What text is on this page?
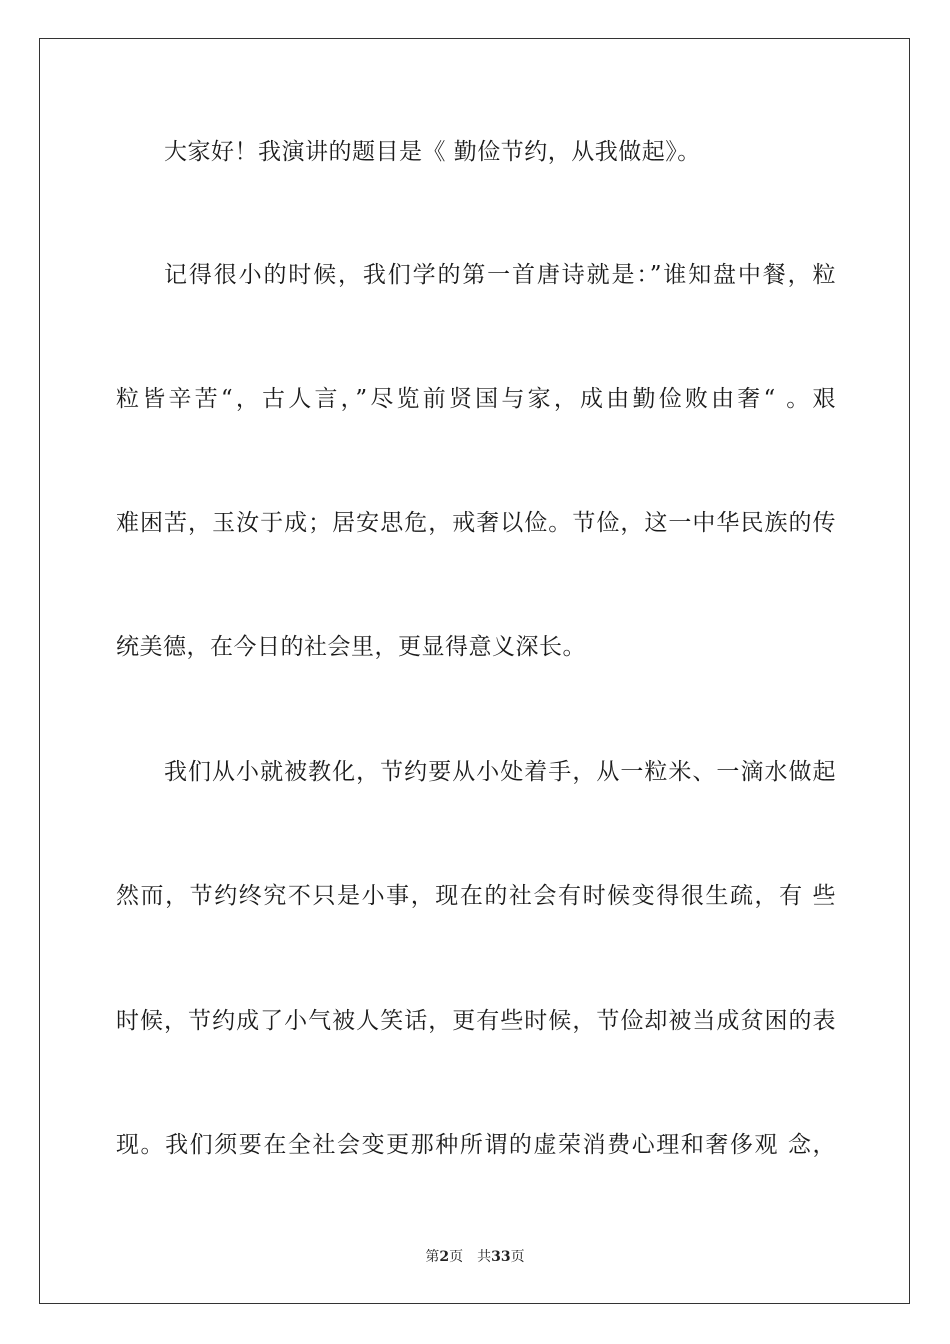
大家好！我演讲的题目是《 勤俭节约，从我做起》。
记得很小的时候，我们学的第一首唐诗就是：”谁知盘中餐，粒
粒皆辛苦“，古人言，”尽览前贤国与家，成由勤俭败由奢“ 。艰
难困苦，玉汝于成；居安思危，戒奢以俭。节俭，这一中华民族的传
统美德，在今日的社会里，更显得意义深长。
我们从小就被教化，节约要从小处着手，从一粒米、一滴水做起
然而，节约终究不只是小事，现在的社会有时候变得很生疏，有 些
时候，节约成了小气被人笑话，更有些时候，节俭却被当成贫困的表
现。我们须要在全社会变更那种所谓的虚荣消费心理和奢侈观 念，
第2页 共33页
